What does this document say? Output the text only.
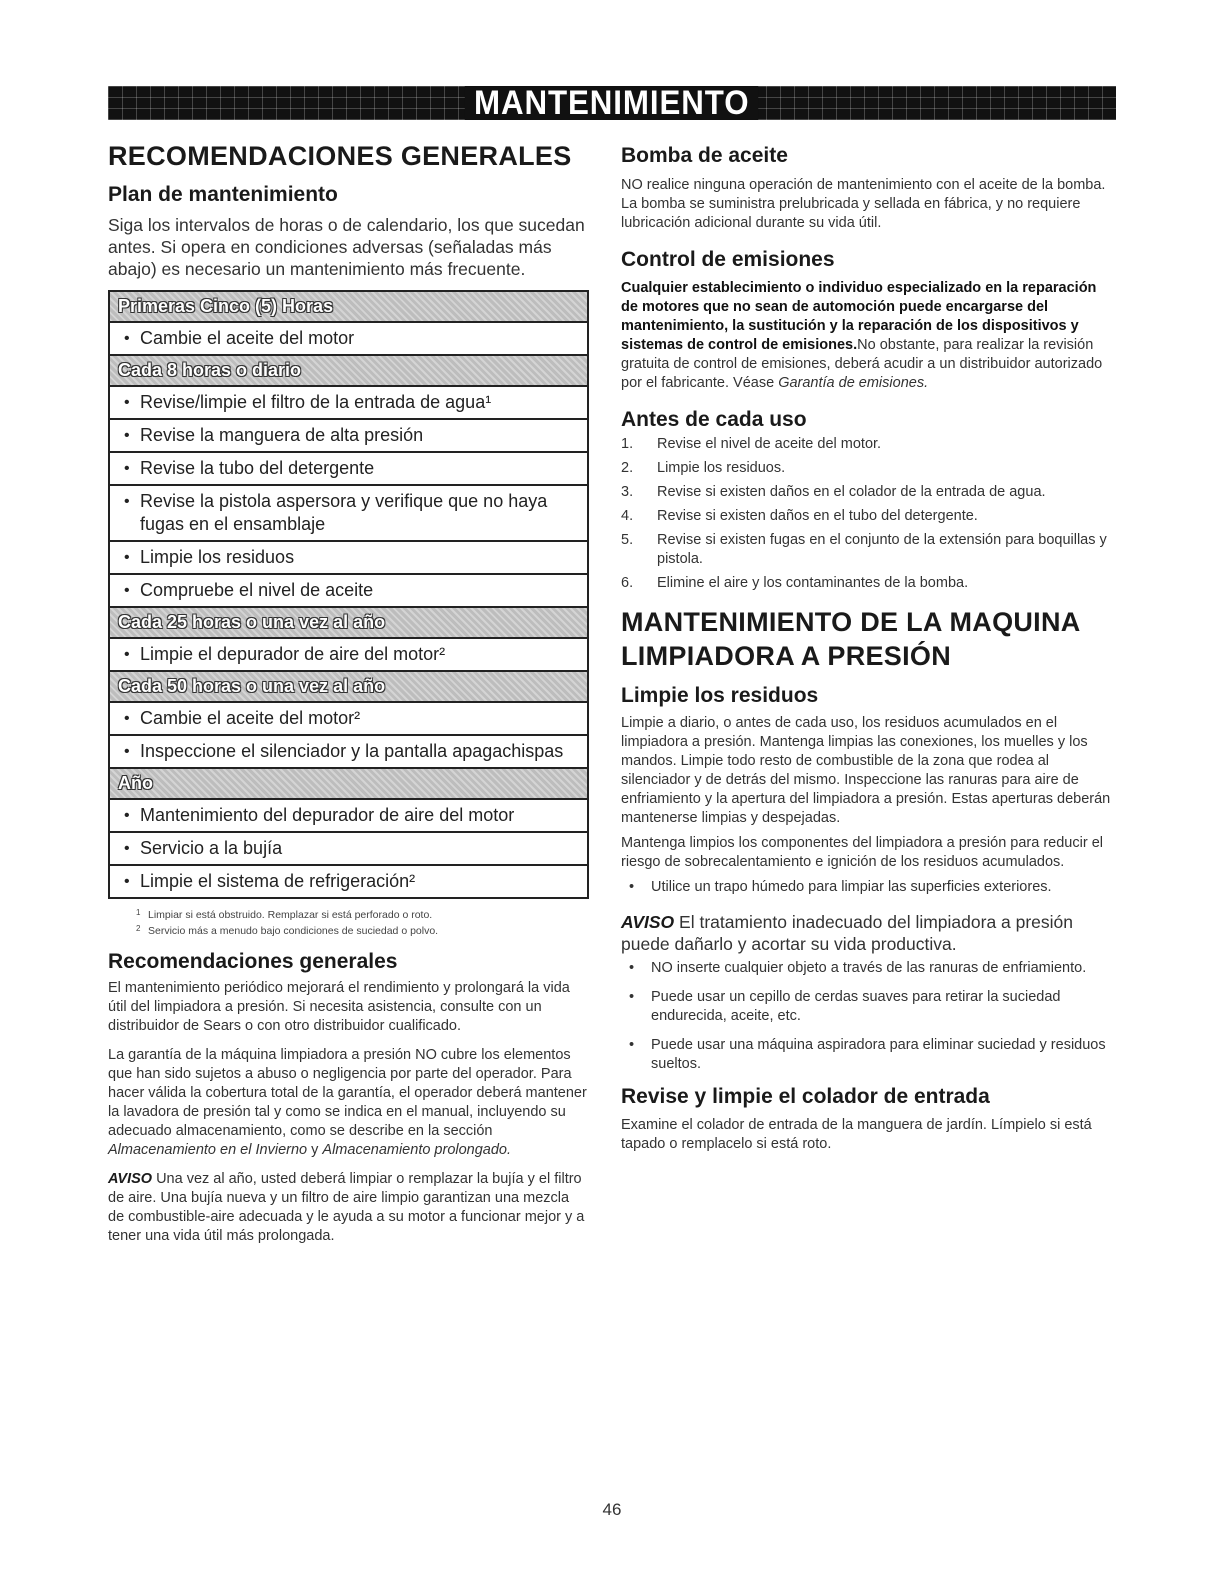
MANTENIMIENTO
RECOMENDACIONES GENERALES
Plan de mantenimiento

Siga los intervalos de horas o de calendario, los que sucedan antes. Si opera en condiciones adversas (señaladas más abajo) es necesario un mantenimiento más frecuente.

Primeras Cinco (5) Horas
• Cambie el aceite del motor
Cada 8 horas o diario
• Revise/limpie el filtro de la entrada de agua¹
• Revise la manguera de alta presión
• Revise la tubo del detergente
• Revise la pistola aspersora y verifique que no haya fugas en el ensamblaje
• Limpie los residuos
• Compruebe el nivel de aceite
Cada 25 horas o una vez al año
• Limpie el depurador de aire del motor²
Cada 50 horas o una vez al año
• Cambie el aceite del motor²
• Inspeccione el silenciador y la pantalla apagachispas
Año
• Mantenimiento del depurador de aire del motor
• Servicio a la bujía
• Limpie el sistema de refrigeración²

1 Limpiar si está obstruido. Remplazar si está perforado o roto.

2 Servicio más a menudo bajo condiciones de suciedad o polvo.

Recomendaciones generales

El mantenimiento periódico mejorará el rendimiento y prolongará la vida útil del limpiadora a presión. Si necesita asistencia, consulte con un distribuidor de Sears o con otro distribuidor cualificado.

La garantía de la máquina limpiadora a presión NO cubre los elementos que han sido sujetos a abuso o negligencia por parte del operador. Para hacer válida la cobertura total de la garantía, el operador deberá mantener la lavadora de presión tal y como se indica en el manual, incluyendo su adecuado almacenamiento, como se describe en la sección Almacenamiento en el Invierno y Almacenamiento prolongado.

AVISO Una vez al año, usted deberá limpiar o remplazar la bujía y el filtro de aire. Una bujía nueva y un filtro de aire limpio garantizan una mezcla de combustible-aire adecuada y le ayuda a su motor a funcionar mejor y a tener una vida útil más prolongada.

Bomba de aceite

NO realice ninguna operación de mantenimiento con el aceite de la bomba. La bomba se suministra prelubricada y sellada en fábrica, y no requiere lubricación adicional durante su vida útil.

Control de emisiones

Cualquier establecimiento o individuo especializado en la reparación de motores que no sean de automoción puede encargarse del mantenimiento, la sustitución y la reparación de los dispositivos y sistemas de control de emisiones.No obstante, para realizar la revisión gratuita de control de emisiones, deberá acudir a un distribuidor autorizado por el fabricante. Véase Garantía de emisiones.

Antes de cada uso
1. Revise el nivel de aceite del motor.
2. Limpie los residuos.
3. Revise si existen daños en el colador de la entrada de agua.
4. Revise si existen daños en el tubo del detergente.
5. Revise si existen fugas en el conjunto de la extensión para boquillas y pistola.
6. Elimine el aire y los contaminantes de la bomba.
MANTENIMIENTO DE LA MAQUINA
LIMPIADORA A PRESIÓN
Limpie los residuos

Limpie a diario, o antes de cada uso, los residuos acumulados en el limpiadora a presión. Mantenga limpias las conexiones, los muelles y los mandos. Limpie todo resto de combustible de la zona que rodea al silenciador y de detrás del mismo. Inspeccione las ranuras para aire de enfriamiento y la apertura del limpiadora a presión. Estas aperturas deberán mantenerse limpias y despejadas.

Mantenga limpios los componentes del limpiadora a presión para reducir el riesgo de sobrecalentamiento e ignición de los residuos acumulados.

• Utilice un trapo húmedo para limpiar las superficies exteriores.

AVISO El tratamiento inadecuado del limpiadora a presión puede dañarlo y acortar su vida productiva.

• NO inserte cualquier objeto a través de las ranuras de enfriamiento.
• Puede usar un cepillo de cerdas suaves para retirar la suciedad endurecida, aceite, etc.
• Puede usar una máquina aspiradora para eliminar suciedad y residuos sueltos.
Revise y limpie el colador de entrada

Examine el colador de entrada de la manguera de jardín. Límpielo si está tapado o remplacelo si está roto.

46
